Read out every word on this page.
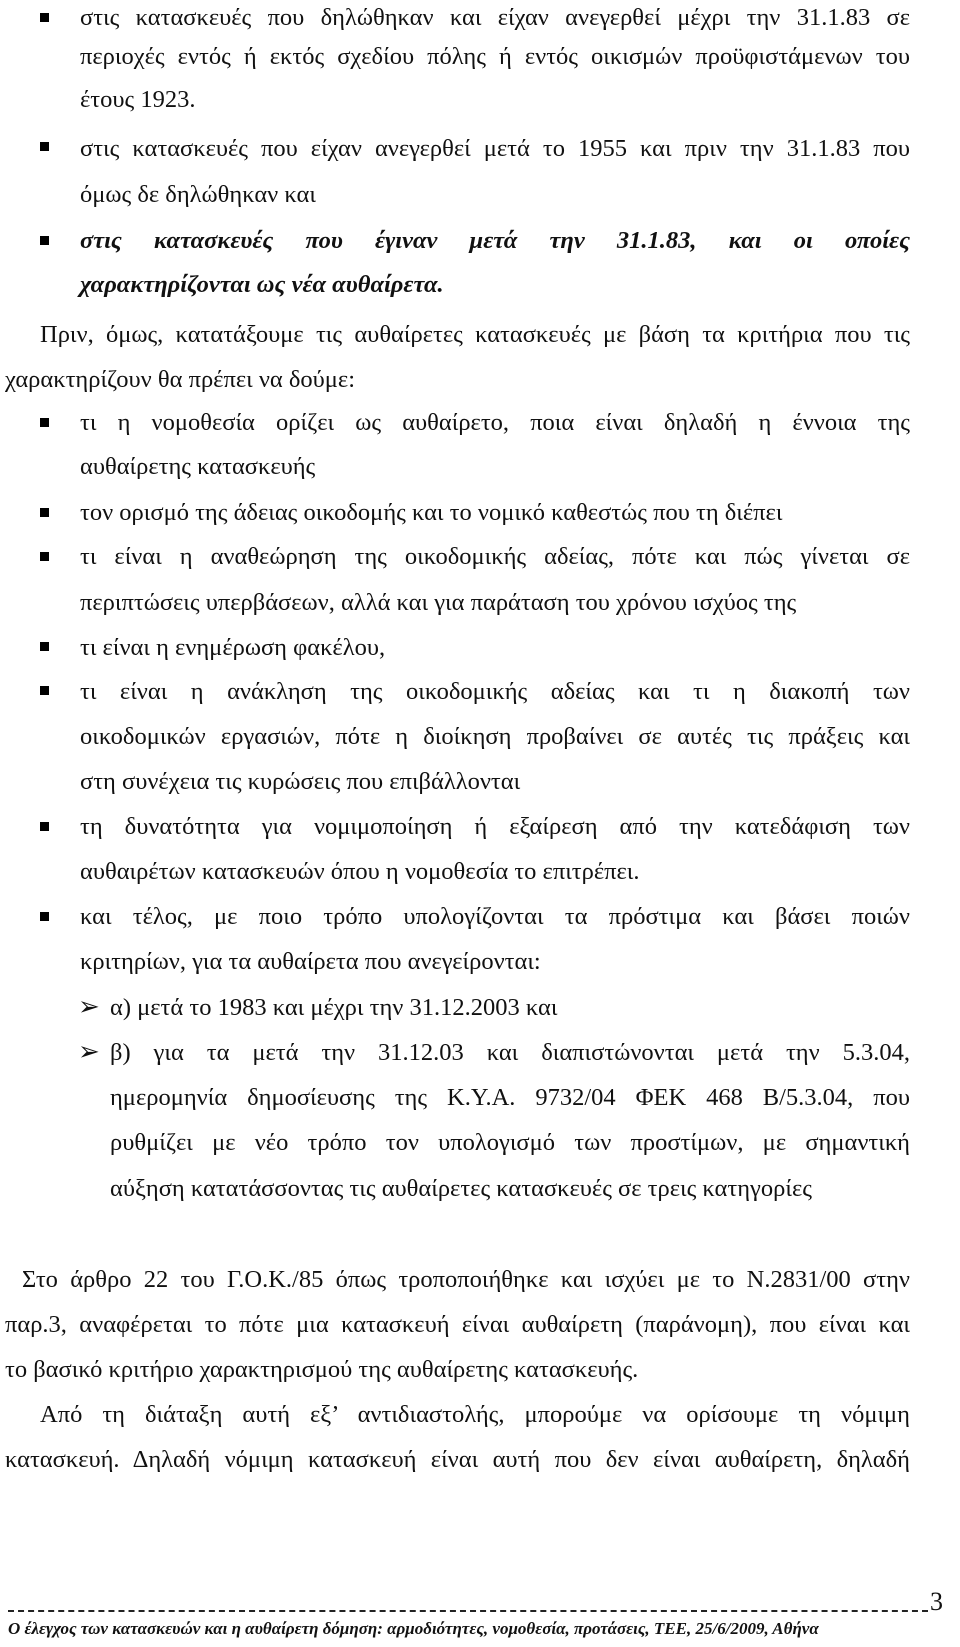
στις κατασκευές που δηλώθηκαν και είχαν ανεγερθεί μέχρι την 31.1.83 σε
περιοχές εντός ή εκτός σχεδίου πόλης ή εντός οικισμών προϋφιστάμενων του
έτους 1923.
στις κατασκευές που είχαν ανεγερθεί μετά το 1955 και πριν την 31.1.83 που
όμως δε δηλώθηκαν και
στις κατασκευές που έγιναν μετά την 31.1.83, και οι οποίες
χαρακτηρίζονται ως νέα αυθαίρετα.
Πριν, όμως, κατατάξουμε τις αυθαίρετες κατασκευές με βάση τα κριτήρια που τις
χαρακτηρίζουν θα πρέπει να δούμε:
τι η νομοθεσία ορίζει ως αυθαίρετο, ποια είναι δηλαδή η έννοια της
αυθαίρετης κατασκευής
τον ορισμό της άδειας οικοδομής και το νομικό καθεστώς που τη διέπει
τι είναι η αναθεώρηση της οικοδομικής αδείας, πότε και πώς γίνεται σε
περιπτώσεις υπερβάσεων, αλλά και για παράταση του χρόνου ισχύος της
τι είναι η ενημέρωση φακέλου,
τι είναι η ανάκληση της οικοδομικής αδείας και τι η διακοπή των
οικοδομικών εργασιών, πότε η διοίκηση προβαίνει σε αυτές τις πράξεις και
στη συνέχεια τις κυρώσεις που επιβάλλονται
τη δυνατότητα για νομιμοποίηση ή εξαίρεση από την κατεδάφιση των
αυθαιρέτων κατασκευών όπου η νομοθεσία το επιτρέπει.
και τέλος, με ποιο τρόπο υπολογίζονται τα πρόστιμα και βάσει ποιών
κριτηρίων, για τα αυθαίρετα που ανεγείρονται:
➢ α) μετά το 1983 και μέχρι την 31.12.2003 και
➢ β) για τα μετά την 31.12.03 και διαπιστώνονται μετά την 5.3.04,
ημερομηνία δημοσίευσης της Κ.Υ.Α. 9732/04 ΦΕΚ 468 Β/5.3.04, που
ρυθμίζει με νέο τρόπο τον υπολογισμό των προστίμων, με σημαντική
αύξηση κατατάσσοντας τις αυθαίρετες κατασκευές σε τρεις κατηγορίες
Στο άρθρο 22 του Γ.Ο.Κ./85 όπως τροποποιήθηκε και ισχύει με το Ν.2831/00 στην
παρ.3, αναφέρεται το πότε μια κατασκευή είναι αυθαίρετη (παράνομη), που είναι και
το βασικό κριτήριο χαρακτηρισμού της αυθαίρετης κατασκευής.
Από τη διάταξη αυτή εξ’ αντιδιαστολής, μπορούμε να ορίσουμε τη νόμιμη
κατασκευή. Δηλαδή νόμιμη κατασκευή είναι αυτή που δεν είναι αυθαίρετη, δηλαδή
3
Ο έλεγχος των κατασκευών και η αυθαίρετη δόμηση: αρμοδιότητες, νομοθεσία, προτάσεις, ΤΕΕ, 25/6/2009, Αθήνα
